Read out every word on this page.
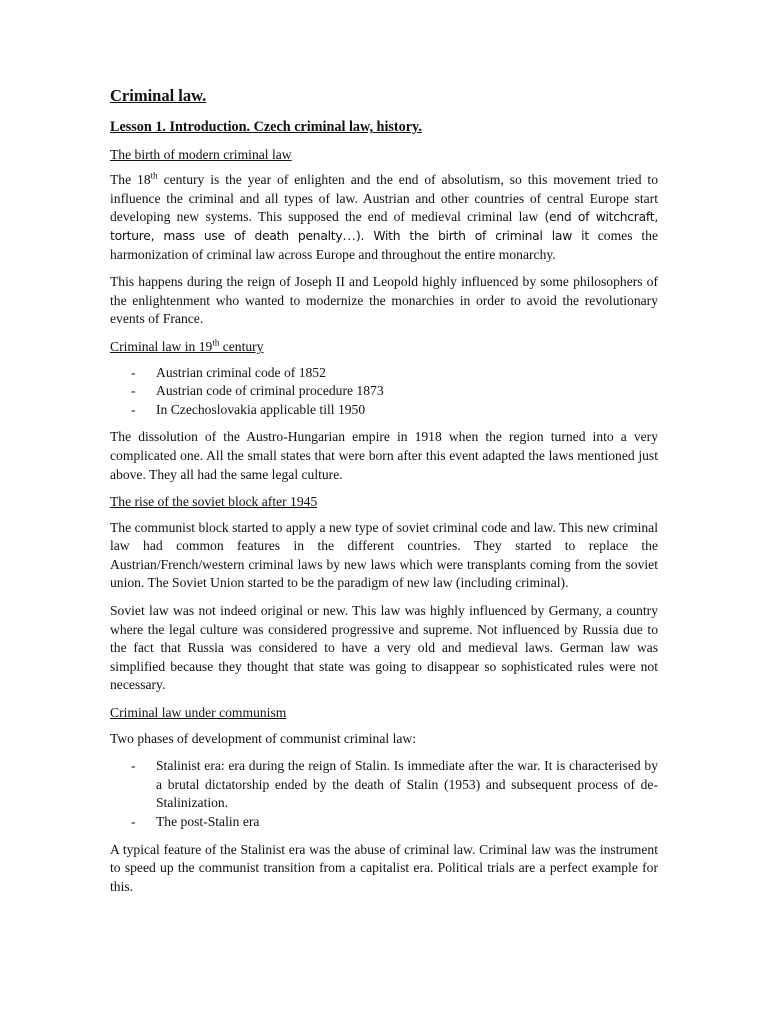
Criminal law.
Lesson 1. Introduction. Czech criminal law, history.
The birth of modern criminal law

The 18th century is the year of enlighten and the end of absolutism, so this movement tried to influence the criminal and all types of law. Austrian and other countries of central Europe start developing new systems. This supposed the end of medieval criminal law (end of witchcraft, torture, mass use of death penalty…). With the birth of criminal law it comes the harmonization of criminal law across Europe and throughout the entire monarchy.

This happens during the reign of Joseph II and Leopold highly influenced by some philosophers of the enlightenment who wanted to modernize the monarchies in order to avoid the revolutionary events of France.

Criminal law in 19th century
- Austrian criminal code of 1852
- Austrian code of criminal procedure 1873
- In Czechoslovakia applicable till 1950

The dissolution of the Austro-Hungarian empire in 1918 when the region turned into a very complicated one. All the small states that were born after this event adapted the laws mentioned just above. They all had the same legal culture.

The rise of the soviet block after 1945

The communist block started to apply a new type of soviet criminal code and law. This new criminal law had common features in the different countries. They started to replace the Austrian/French/western criminal laws by new laws which were transplants coming from the soviet union. The Soviet Union started to be the paradigm of new law (including criminal).

Soviet law was not indeed original or new. This law was highly influenced by Germany, a country where the legal culture was considered progressive and supreme. Not influenced by Russia due to the fact that Russia was considered to have a very old and medieval laws. German law was simplified because they thought that state was going to disappear so sophisticated rules were not necessary.

Criminal law under communism

Two phases of development of communist criminal law:

- Stalinist era: era during the reign of Stalin. Is immediate after the war. It is characterised by a brutal dictatorship ended by the death of Stalin (1953) and subsequent process of de-Stalinization.
- The post-Stalin era

A typical feature of the Stalinist era was the abuse of criminal law. Criminal law was the instrument to speed up the communist transition from a capitalist era. Political trials are a perfect example for this.
